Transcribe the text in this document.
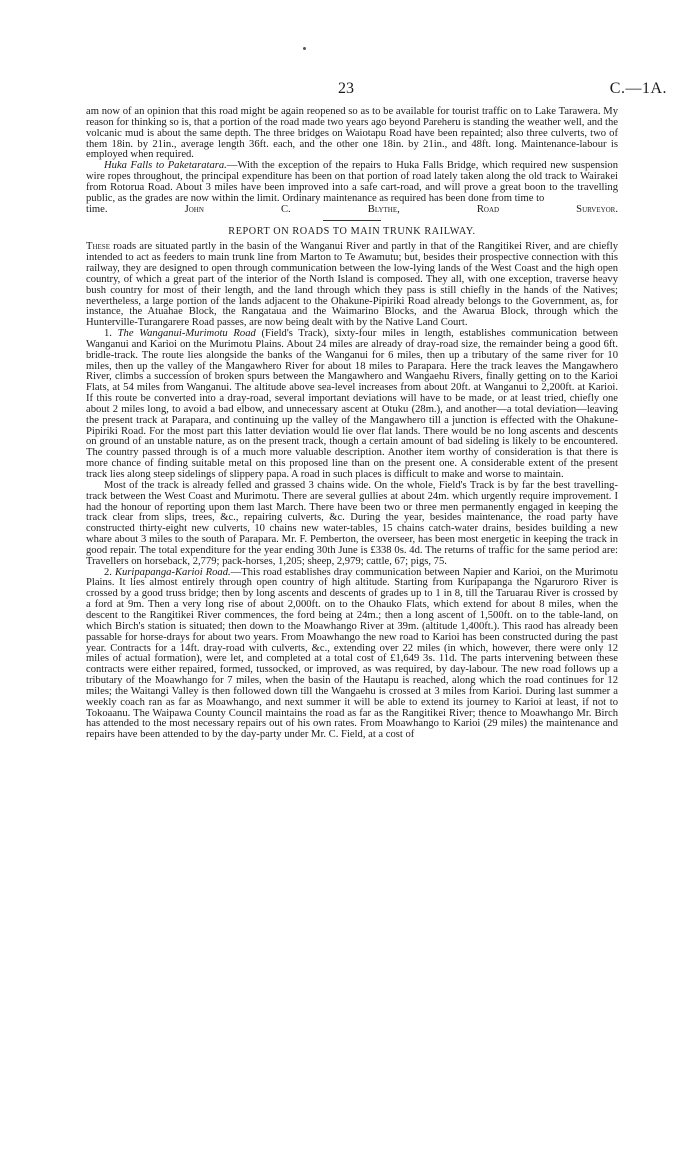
23	C.—1A.

am now of an opinion that this road might be again reopened so as to be available for tourist traffic on to Lake Tarawera. My reason for thinking so is, that a portion of the road made two years ago beyond Pareheru is standing the weather well, and the volcanic mud is about the same depth. The three bridges on Waiotapu Road have been repainted; also three culverts, two of them 18in. by 21in., average length 36ft. each, and the other one 18in. by 21in., and 48ft. long. Maintenance-labour is employed when required.

Huka Falls to Paketaratara.—With the exception of the repairs to Huka Falls Bridge, which required new suspension wire ropes throughout, the principal expenditure has been on that portion of road lately taken along the old track to Wairakei from Rotorua Road. About 3 miles have been improved into a safe cart-road, and will prove a great boon to the travelling public, as the grades are now within the limit. Ordinary maintenance as required has been done from time to

time.	John C. Blythe, Road Surveyor.

REPORT ON ROADS TO MAIN TRUNK RAILWAY.

These roads are situated partly in the basin of the Wanganui River and partly in that of the Rangitikei River, and are chiefly intended to act as feeders to main trunk line from Marton to Te Awamutu; but, besides their prospective connection with this railway, they are designed to open through communication between the low-lying lands of the West Coast and the high open country, of which a great part of the interior of the North Island is composed. They all, with one exception, traverse heavy bush country for most of their length, and the land through which they pass is still chiefly in the hands of the Natives; nevertheless, a large portion of the lands adjacent to the Ohakune-Pipiriki Road already belongs to the Government, as, for instance, the Atuahae Block, the Rangataua and the Waimarino Blocks, and the Awarua Block, through which the Hunterville-Turangarere Road passes, are now being dealt with by the Native Land Court.

1. The Wanganui-Murimotu Road (Field's Track), sixty-four miles in length, establishes communication between Wanganui and Karioi on the Murimotu Plains. About 24 miles are already of dray-road size, the remainder being a good 6ft. bridle-track. The route lies alongside the banks of the Wanganui for 6 miles, then up a tributary of the same river for 10 miles, then up the valley of the Mangawhero River for about 18 miles to Parapara. Here the track leaves the Mangawhero River, climbs a succession of broken spurs between the Mangawhero and Wangaehu Rivers, finally getting on to the Karioi Flats, at 54 miles from Wanganui. The altitude above sea-level increases from about 20ft. at Wanganui to 2,200ft. at Karioi. If this route be converted into a dray-road, several important deviations will have to be made, or at least tried, chiefly one about 2 miles long, to avoid a bad elbow, and unnecessary ascent at Otuku (28m.), and another—a total deviation—leaving the present track at Parapara, and continuing up the valley of the Mangawhero till a junction is effected with the Ohakune-Pipiriki Road. For the most part this latter deviation would lie over flat lands. There would be no long ascents and descents on ground of an unstable nature, as on the present track, though a certain amount of bad sideling is likely to be encountered. The country passed through is of a much more valuable description. Another item worthy of consideration is that there is more chance of finding suitable metal on this proposed line than on the present one. A considerable extent of the present track lies along steep sidelings of slippery papa. A road in such places is difficult to make and worse to maintain.

Most of the track is already felled and grassed 3 chains wide. On the whole, Field's Track is by far the best travelling-track between the West Coast and Murimotu. There are several gullies at about 24m. which urgently require improvement. I had the honour of reporting upon them last March. There have been two or three men permanently engaged in keeping the track clear from slips, trees, &c., repairing culverts, &c. During the year, besides maintenance, the road party have constructed thirty-eight new culverts, 10 chains new water-tables, 15 chains catch-water drains, besides building a new whare about 3 miles to the south of Parapara. Mr. F. Pemberton, the overseer, has been most energetic in keeping the track in good repair. The total expenditure for the year ending 30th June is £338 0s. 4d. The returns of traffic for the same period are: Travellers on horseback, 2,779; pack-horses, 1,205; sheep, 2,979; cattle, 67; pigs, 75.

2. Kuripapanga-Karioi Road.—This road establishes dray communication between Napier and Karioi, on the Murimotu Plains. It lies almost entirely through open country of high altitude. Starting from Kuripapanga the Ngaruroro River is crossed by a good truss bridge; then by long ascents and descents of grades up to 1 in 8, till the Taruarau River is crossed by a ford at 9m. Then a very long rise of about 2,000ft. on to the Ohauko Flats, which extend for about 8 miles, when the descent to the Rangitikei River commences, the ford being at 24m.; then a long ascent of 1,500ft. on to the table-land, on which Birch's station is situated; then down to the Moawhango River at 39m. (altitude 1,400ft.). This raod has already been passable for horse-drays for about two years. From Moawhango the new road to Karioi has been constructed during the past year. Contracts for a 14ft. dray-road with culverts, &c., extending over 22 miles (in which, however, there were only 12 miles of actual formation), were let, and completed at a total cost of £1,649 3s. 11d. The parts intervening between these contracts were either repaired, formed, tussocked, or improved, as was required, by day-labour. The new road follows up a tributary of the Moawhango for 7 miles, when the basin of the Hautapu is reached, along which the road continues for 12 miles; the Waitangi Valley is then followed down till the Wangaehu is crossed at 3 miles from Karioi. During last summer a weekly coach ran as far as Moawhango, and next summer it will be able to extend its journey to Karioi at least, if not to Tokoaanu. The Waipawa County Council maintains the road as far as the Rangitikei River; thence to Moawhango Mr. Birch has attended to the most necessary repairs out of his own rates. From Moawhango to Karioi (29 miles) the maintenance and repairs have been attended to by the day-party under Mr. C. Field, at a cost of
